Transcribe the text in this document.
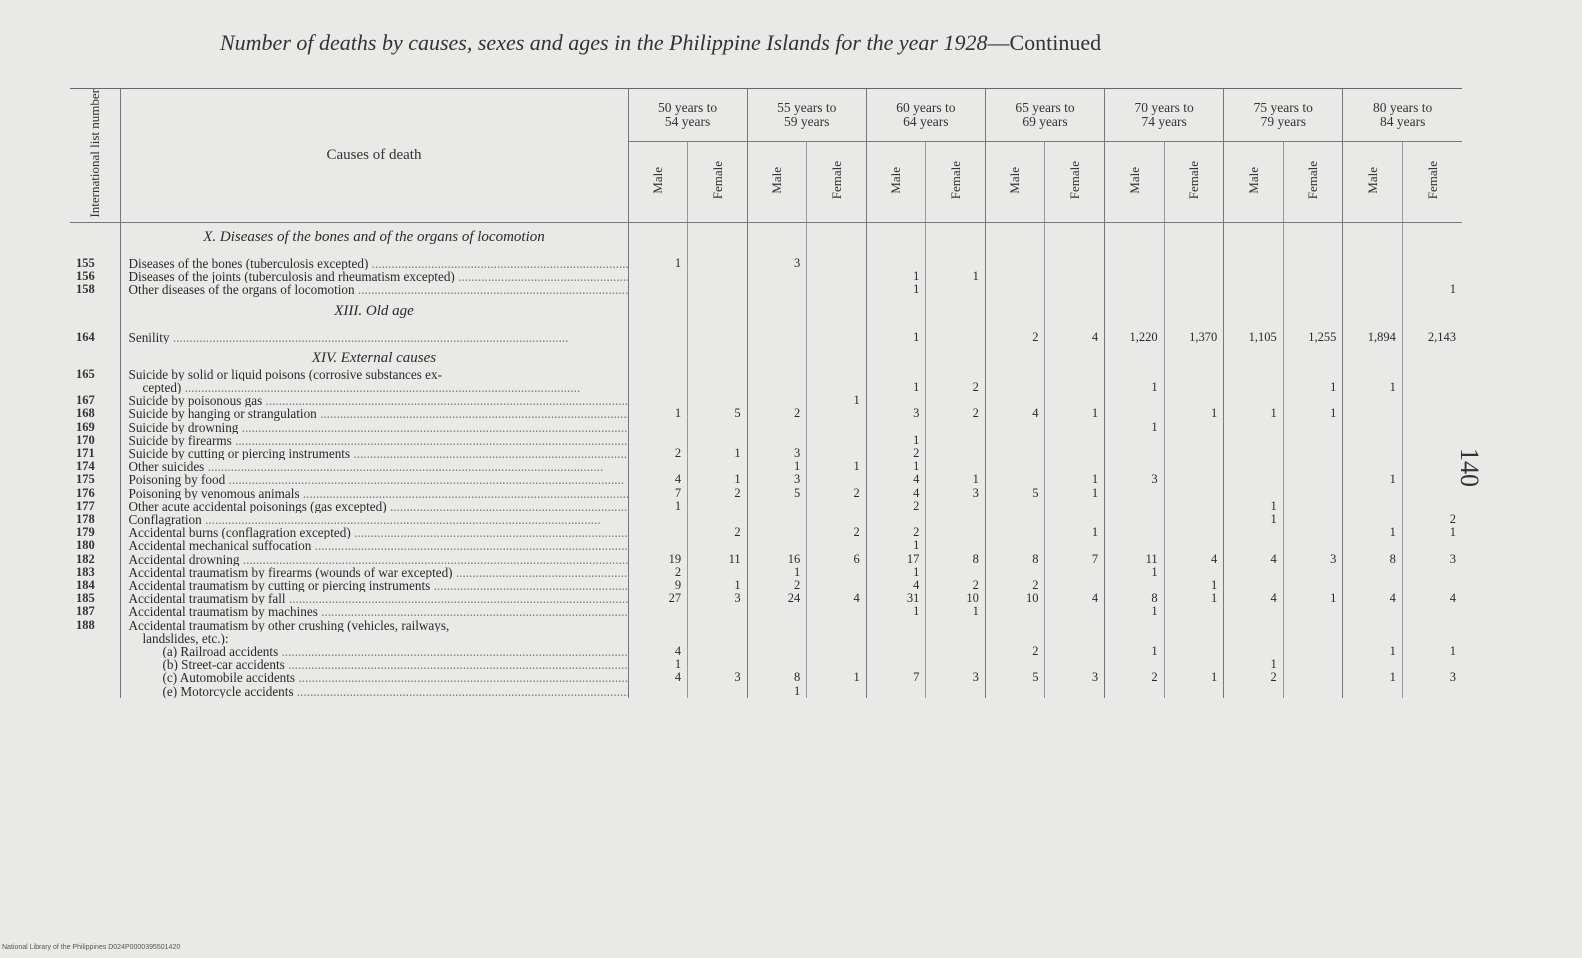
Number of deaths by causes, sexes and ages in the Philippine Islands for the year 1928—Continued
140
International list number	Causes of death	50 years to
54 years		55 years to
59 years		60 years to
64 years		65 years to
69 years		70 years to
74 years		75 years to
79 years		80 years to
84 years	
		Male	Female	Male	Female	Male	Female	Male	Female	Male	Female	Male	Female	Male	Female
	X. Diseases of the bones and of the organs of locomotion														

155	Diseases of the bones (tuberculosis excepted) .....	1		3											
156	Diseases of the joints (tuberculosis and rheumatism excepted) .....					1	1								
158	Other diseases of the organs of locomotion .....					1									1
	XIII. Old age														

164	Senility .....					1		2	4	1,220	1,370	1,105	1,255	1,894	2,143
	XIV. External causes														
165	Suicide by solid or liquid poisons (corrosive substances ex-														
	cepted) .....					1	2			1			1	1	
167	Suicide by poisonous gas .....				1										
168	Suicide by hanging or strangulation .....	1	5	2		3	2	4	1		1	1	1		
169	Suicide by drowning .....									1					
170	Suicide by firearms .....					1									
171	Suicide by cutting or piercing instruments .....	2	1	3		2									
174	Other suicides .....			1	1	1									
175	Poisoning by food .....	4	1	3		4	1		1	3				1	
176	Poisoning by venomous animals .....	7	2	5	2	4	3	5	1						
177	Other acute accidental poisonings (gas excepted) .....	1				2						1			
178	Conflagration .....											1			2
179	Accidental burns (conflagration excepted) .....		2		2	2			1					1	1
180	Accidental mechanical suffocation .....					1									
182	Accidental drowning .....	19	11	16	6	17	8	8	7	11	4	4	3	8	3
183	Accidental traumatism by firearms (wounds of war excepted) .....	2		1		1				1					
184	Accidental traumatism by cutting or piercing instruments .....	9	1	2		4	2	2			1				
185	Accidental traumatism by fall .....	27	3	24	4	31	10	10	4	8	1	4	1	4	4
187	Accidental traumatism by machines .....					1	1			1					
188	Accidental traumatism by other crushing (vehicles, railways,														
	landslides, etc.):														
	(a) Railroad accidents .....	4						2		1				1	1
	(b) Street-car accidents .....	1										1			
	(c) Automobile accidents .....	4	3	8	1	7	3	5	3	2	1	2		1	3
	(e) Motorcycle accidents .....			1											
National Library of the Philippines D024P0000395501420
